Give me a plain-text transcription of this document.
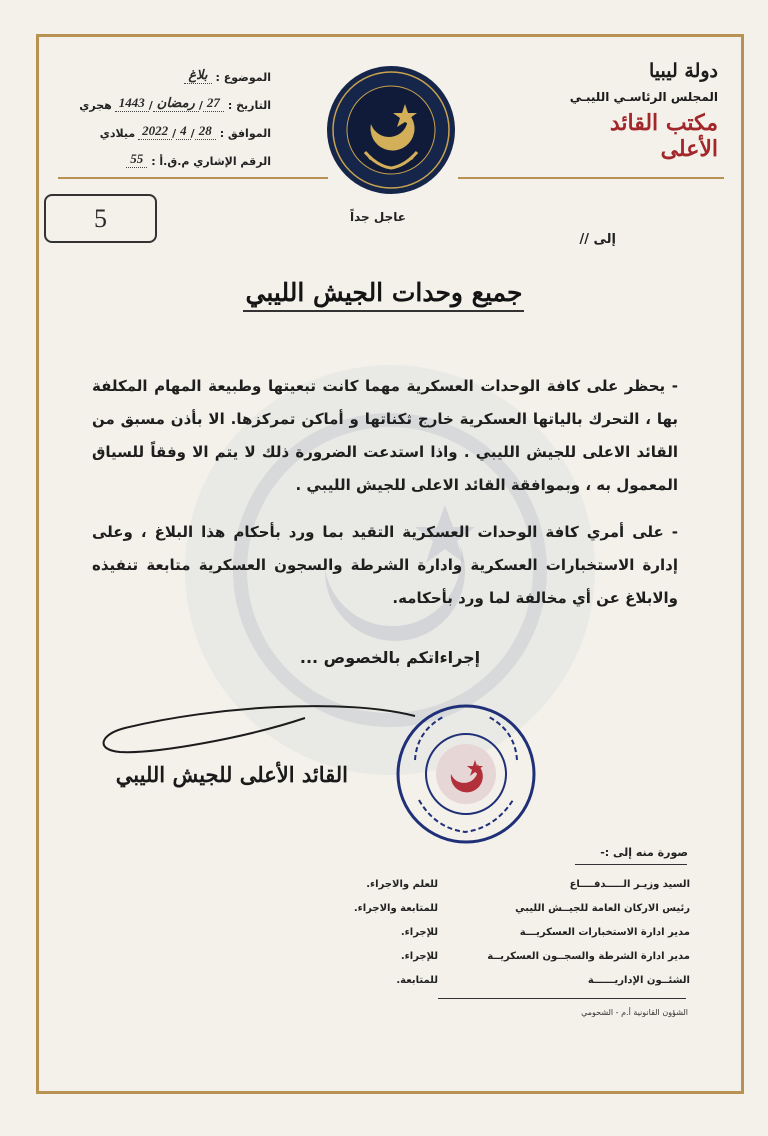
دولة ليبيا
المجلس الرئاسـي الليبـي
مكتب القائد الأعلى
الموضوع :
بلاغ
التاريخ :
27
/
رمضان
/
1443
هجري
الموافق :
28
/
4
/
2022
ميلادي
الرقم الإشاري م.ق.أ :
55
عاجل جداً
5
إلى //
جميع وحدات الجيش الليبي

- يحظر على كافة الوحدات العسكرية مهما كانت تبعيتها وطبيعة المهام المكلفة بها ، التحرك بالياتها العسكرية خارج ثكناتها و أماكن تمركزها. الا بأذن مسبق من القائد الاعلى للجيش الليبي . واذا استدعت الضرورة ذلك لا يتم الا وفقاً للسياق المعمول به ، وبموافقة القائد الاعلى للجيش الليبي .

- على أمري كافة الوحدات العسكرية التقيد بما ورد بأحكام هذا البلاغ ، وعلى إدارة الاستخبارات العسكرية وادارة الشرطة والسجون العسكرية متابعة تنفيذه والابلاغ عن أي مخالفة لما ورد بأحكامه.

إجراءاتكم بالخصوص ...
القائد الأعلى للجيش الليبي
صورة منه إلى :-
السيد وزيـر الـــــدفــــاع
للعلم والاجراء.
رئيس الاركان العامة للجيــش الليبي
للمتابعة والاجراء.
مدير ادارة الاستخبارات العسكريـــة
للإجراء.
مدير ادارة الشرطة والسجــون العسكريــة
للإجراء.
الشئــون الإداريــــــة
للمتابعة.
الشؤون القانونية أ.م - الشحومي
